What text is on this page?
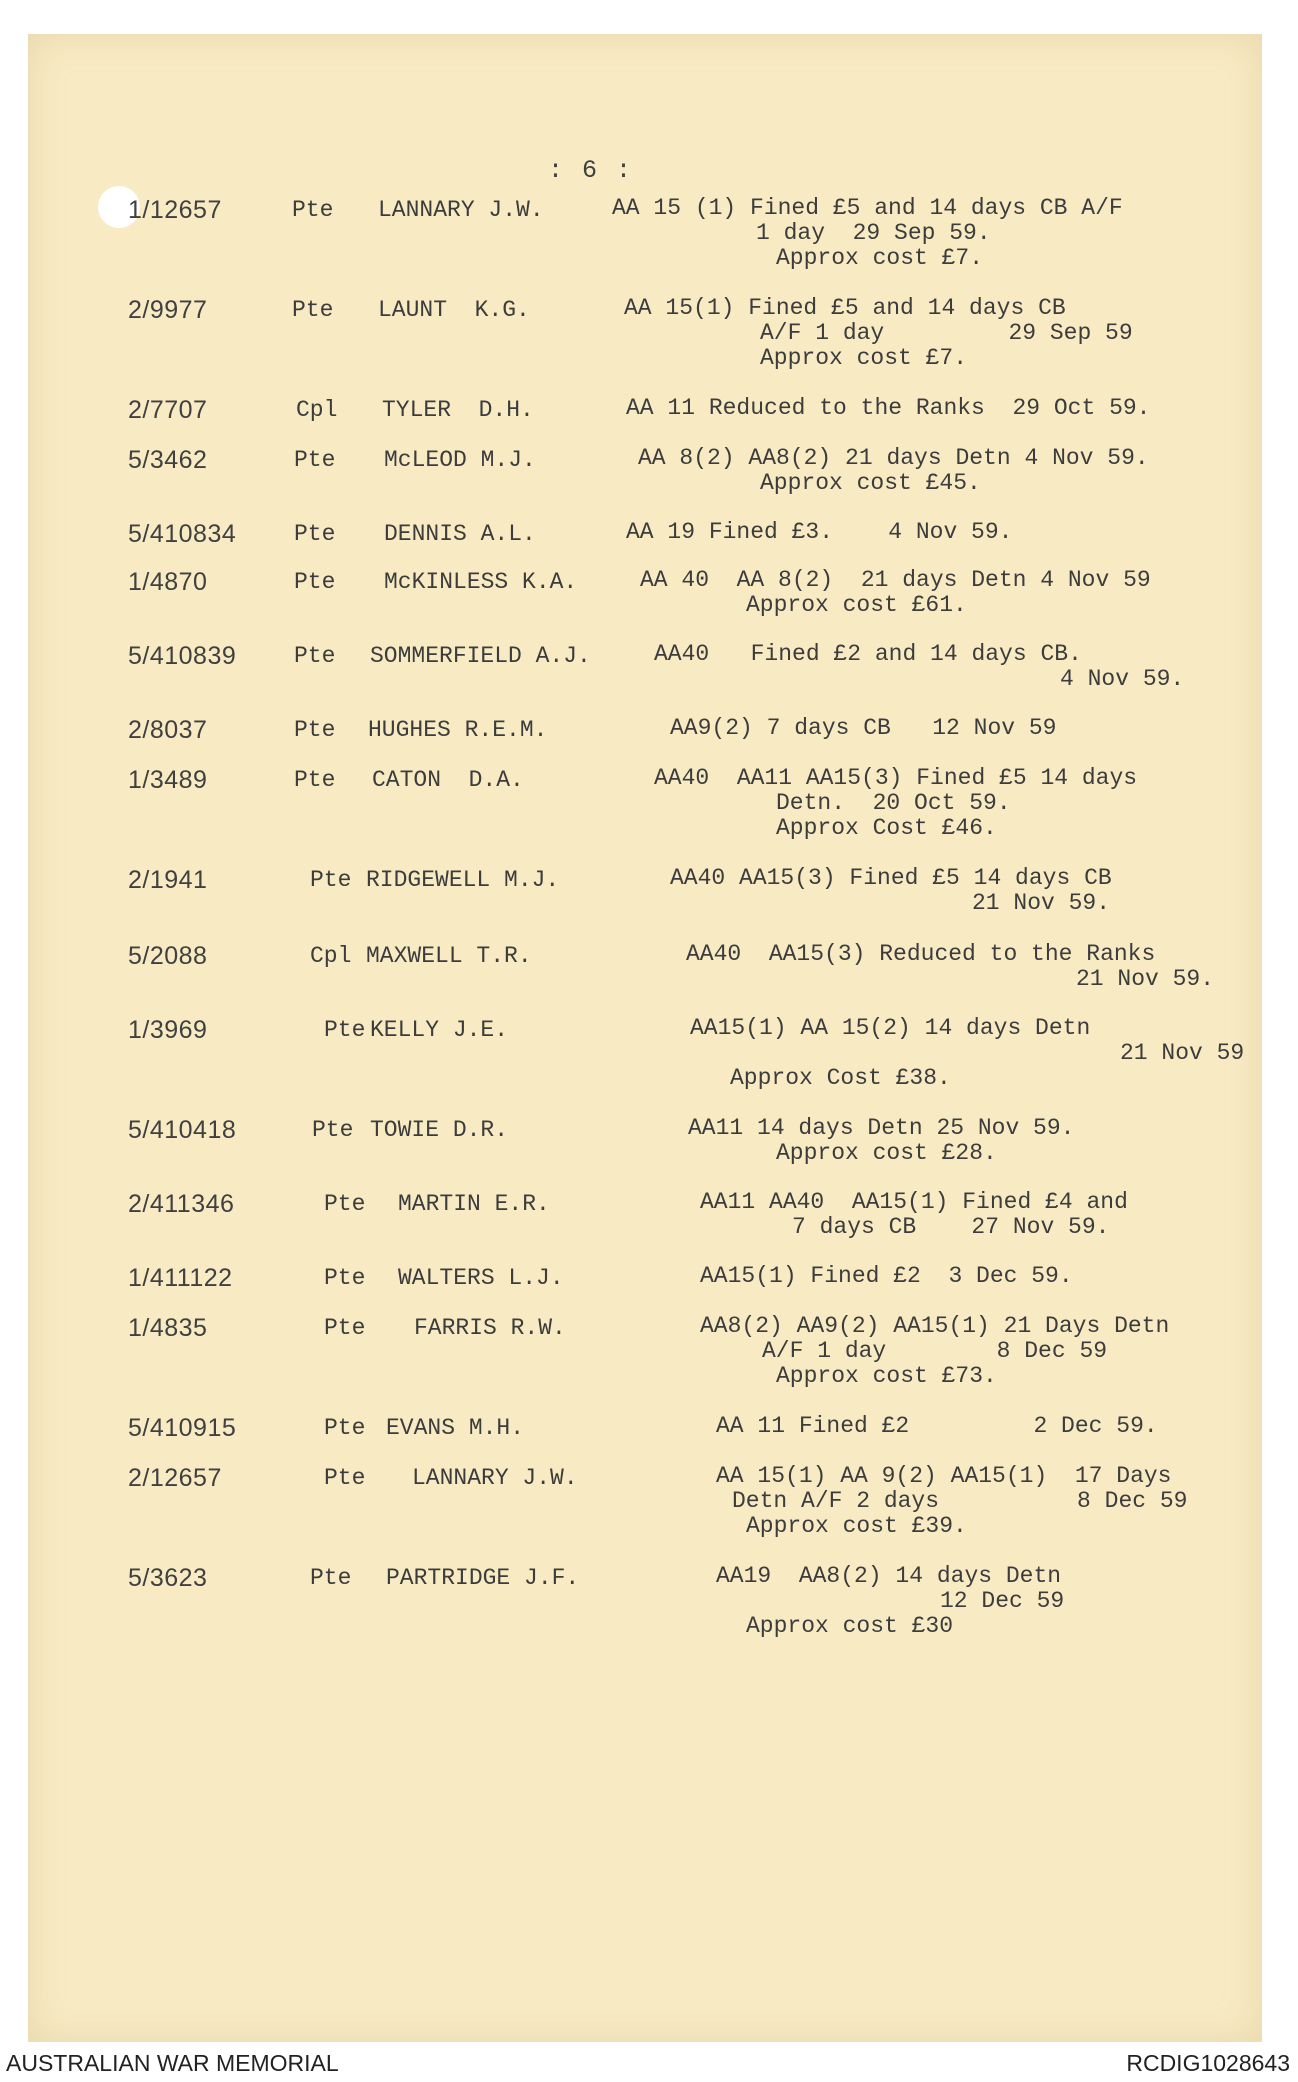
: 6 :
1/12657	Pte LANNARY J.W.	AA 15 (1) Fined £5 and 14 days CB A/F
1 day  29 Sep 59.
Approx cost £7.
2/9977	Pte LAUNT  K.G.	AA 15(1) Fined £5 and 14 days CB
A/F 1 day         29 Sep 59
Approx cost £7.
2/7707	Cpl TYLER  D.H.	AA 11 Reduced to the Ranks  29 Oct 59.
5/3462	Pte McLEOD M.J.	AA 8(2) AA8(2) 21 days Detn 4 Nov 59.
Approx cost £45.
5/410834	Pte DENNIS A.L.	AA 19 Fined £3.    4 Nov 59.
1/4870	Pte McKINLESS K.A.	AA 40  AA 8(2)  21 days Detn 4 Nov 59
Approx cost £61.
5/410839	Pte SOMMERFIELD A.J.	AA40   Fined £2 and 14 days CB.
4 Nov 59.
2/8037	Pte HUGHES R.E.M.	AA9(2) 7 days CB   12 Nov 59
1/3489	Pte CATON  D.A.	AA40  AA11 AA15(3) Fined £5 14 days
Detn.  20 Oct 59.
Approx Cost £46.
2/1941	Pte RIDGEWELL M.J.	AA40 AA15(3) Fined £5 14 days CB
21 Nov 59.
5/2088	Cpl MAXWELL T.R.	AA40  AA15(3) Reduced to the Ranks
21 Nov 59.
1/3969	Pte KELLY J.E.	AA15(1) AA 15(2) 14 days Detn
21 Nov 59
Approx Cost £38.
5/410418	Pte TOWIE D.R.	AA11 14 days Detn 25 Nov 59.
Approx cost £28.
2/411346	Pte MARTIN E.R.	AA11 AA40  AA15(1) Fined £4 and
7 days CB    27 Nov 59.
1/411122	Pte WALTERS L.J.	AA15(1) Fined £2  3 Dec 59.
1/4835	Pte FARRIS R.W.	AA8(2) AA9(2) AA15(1) 21 Days Detn
A/F 1 day        8 Dec 59
Approx cost £73.
5/410915	Pte EVANS M.H.	AA 11 Fined £2         2 Dec 59.
2/12657	Pte LANNARY J.W.	AA 15(1) AA 9(2) AA15(1)  17 Days
Detn A/F 2 days          8 Dec 59
Approx cost £39.
5/3623	Pte PARTRIDGE J.F.	AA19  AA8(2) 14 days Detn
12 Dec 59
Approx cost £30
AUSTRALIAN WAR MEMORIAL	RCDIG1028643
